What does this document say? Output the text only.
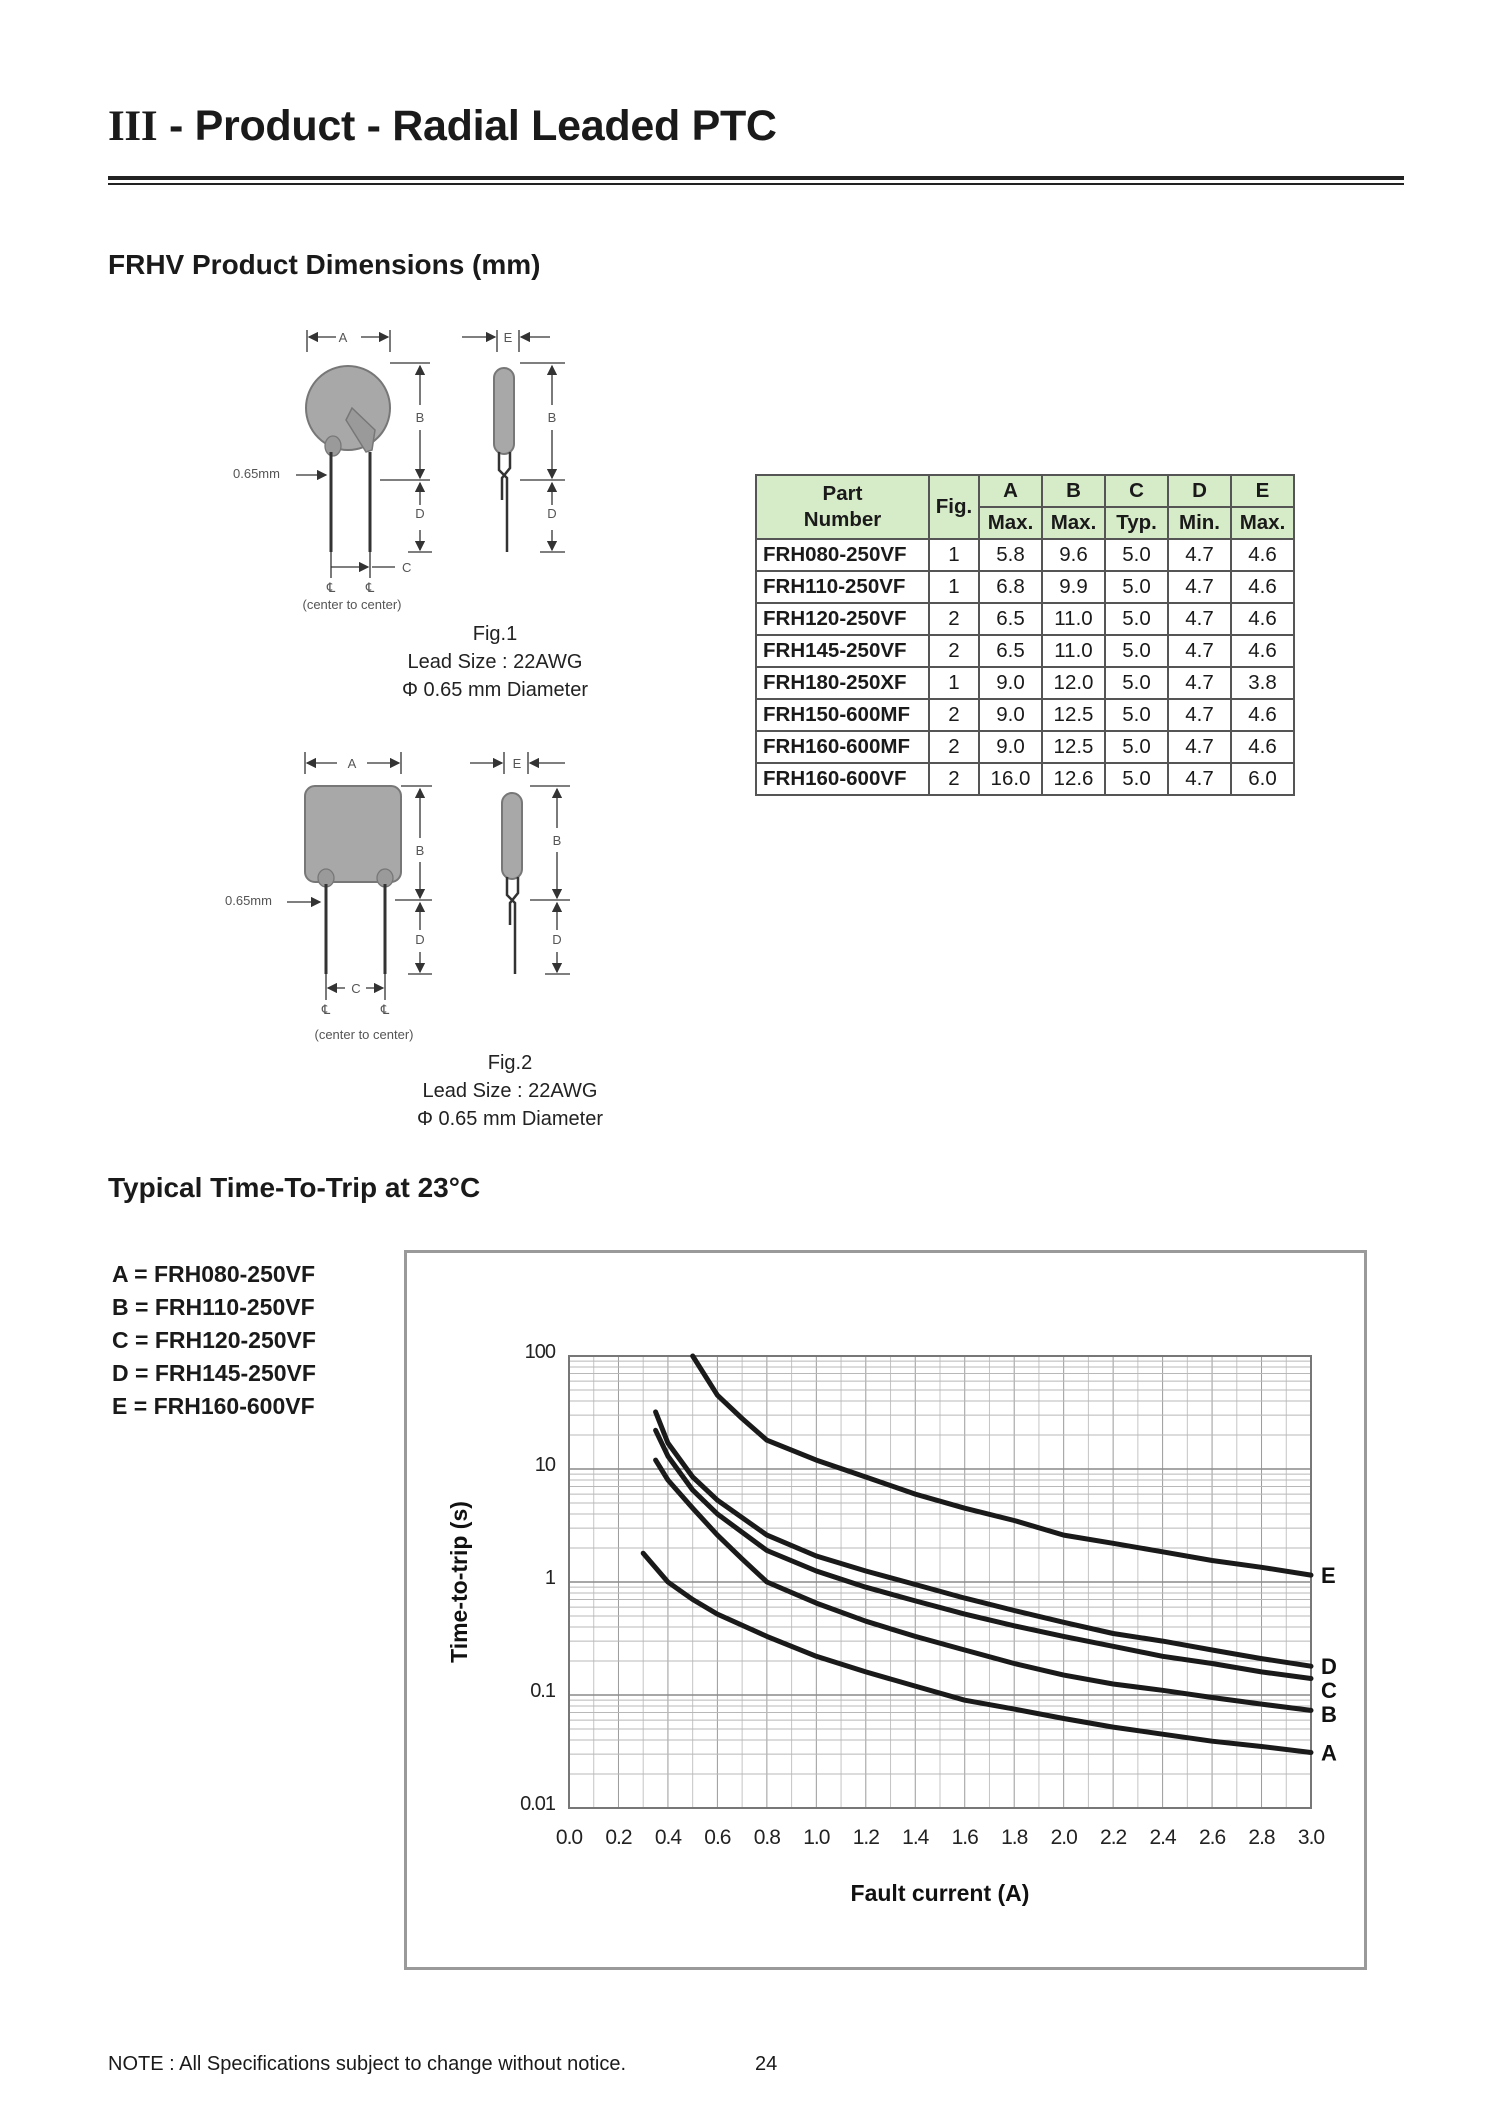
III - Product - Radial Leaded PTC
FRHV Product Dimensions (mm)
A
B
D
0.65mm
C
℄ ℄
(center to center)
E
B
D
A
B
D
0.65mm
C
℄	℄
(center to center)
E
B
D
Fig.1
Lead Size : 22AWG
Φ 0.65 mm Diameter
Fig.2
Lead Size : 22AWG
Φ 0.65 mm Diameter
Part
Number	Fig.	A	B	C	D	E
		Max.	Max.	Typ.	Min.	Max.
FRH080-250VF	1	5.8	9.6	5.0	4.7	4.6
FRH110-250VF	1	6.8	9.9	5.0	4.7	4.6
FRH120-250VF	2	6.5	11.0	5.0	4.7	4.6
FRH145-250VF	2	6.5	11.0	5.0	4.7	4.6
FRH180-250XF	1	9.0	12.0	5.0	4.7	3.8
FRH150-600MF	2	9.0	12.5	5.0	4.7	4.6
FRH160-600MF	2	9.0	12.5	5.0	4.7	4.6
FRH160-600VF	2	16.0	12.6	5.0	4.7	6.0
Typical Time-To-Trip at 23°C
A = FRH080-250VF
B = FRH110-250VF
C = FRH120-250VF
D = FRH145-250VF
E = FRH160-600VF
0.0 0.2 0.4 0.6 0.8 1.0 1.2 1.4 1.6 1.8 2.0 2.2 2.4 2.6 2.8 3.0
100
10
1
0.1
0.01
Fault current (A)
Time-to-trip (s)
A
B
C
D
E
NOTE : All Specifications subject to change without notice.	24
